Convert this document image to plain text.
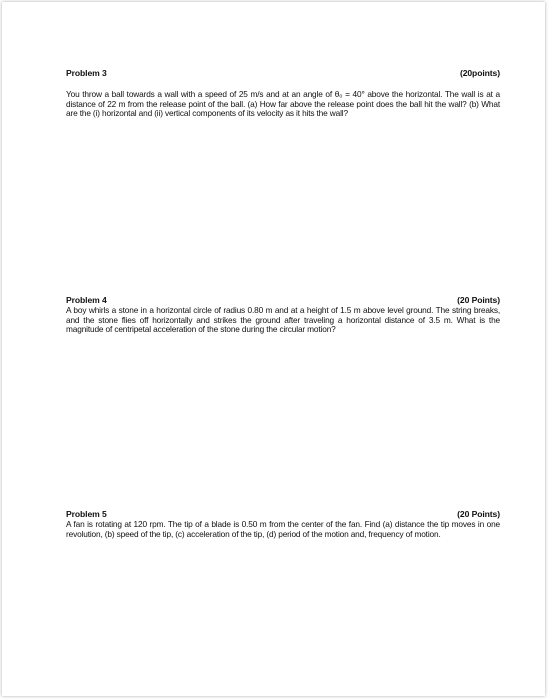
Problem 3	(20points)
You throw a ball towards a wall with a speed of 25 m/s and at an angle of θ₀ = 40° above the horizontal. The wall is at a distance of 22 m from the release point of the ball. (a) How far above the release point does the ball hit the wall? (b) What are the (i) horizontal and (ii) vertical components of its velocity as it hits the wall?
Problem 4	(20 Points)
A boy whirls a stone in a horizontal circle of radius 0.80 m and at a height of 1.5 m above level ground. The string breaks, and the stone flies off horizontally and strikes the ground after traveling a horizontal distance of 3.5 m. What is the magnitude of centripetal acceleration of the stone during the circular motion?
Problem 5	(20 Points)
A fan is rotating at 120 rpm. The tip of a blade is 0.50 m from the center of the fan. Find (a) distance the tip moves in one revolution, (b) speed of the tip, (c) acceleration of the tip, (d) period of the motion and, frequency of motion.
